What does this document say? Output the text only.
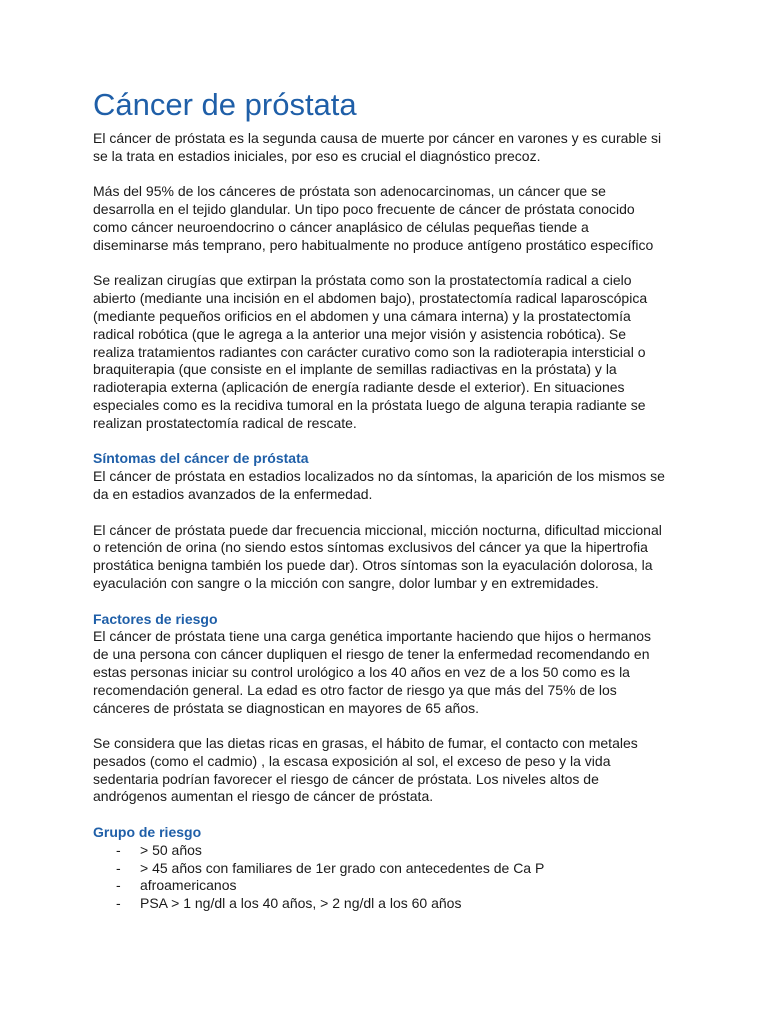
Cáncer de próstata

El cáncer de próstata es la segunda causa de muerte por cáncer en varones y es curable si
se la trata en estadios iniciales, por eso es crucial el diagnóstico precoz.

Más del 95% de los cánceres de próstata son adenocarcinomas, un cáncer que se
desarrolla en el tejido glandular. Un tipo poco frecuente de cáncer de próstata conocido
como cáncer neuroendocrino o cáncer anaplásico de células pequeñas tiende a
diseminarse más temprano, pero habitualmente no produce antígeno prostático específico

Se realizan cirugías que extirpan la próstata como son la prostatectomía radical a cielo
abierto (mediante una incisión en el abdomen bajo), prostatectomía radical laparoscópica
(mediante pequeños orificios en el abdomen y una cámara interna) y la prostatectomía
radical robótica (que le agrega a la anterior una mejor visión y asistencia robótica). Se
realiza tratamientos radiantes con carácter curativo como son la radioterapia intersticial o
braquiterapia (que consiste en el implante de semillas radiactivas en la próstata) y la
radioterapia externa (aplicación de energía radiante desde el exterior). En situaciones
especiales como es la recidiva tumoral en la próstata luego de alguna terapia radiante se
realizan prostatectomía radical de rescate.

Síntomas del cáncer de próstata

El cáncer de próstata en estadios localizados no da síntomas, la aparición de los mismos se
da en estadios avanzados de la enfermedad.

El cáncer de próstata puede dar frecuencia miccional, micción nocturna, dificultad miccional
o retención de orina (no siendo estos síntomas exclusivos del cáncer ya que la hipertrofia
prostática benigna también los puede dar). Otros síntomas son la eyaculación dolorosa, la
eyaculación con sangre o la micción con sangre, dolor lumbar y en extremidades.

Factores de riesgo

El cáncer de próstata tiene una carga genética importante haciendo que hijos o hermanos
de una persona con cáncer dupliquen el riesgo de tener la enfermedad recomendando en
estas personas iniciar su control urológico a los 40 años en vez de a los 50 como es la
recomendación general. La edad es otro factor de riesgo ya que más del 75% de los
cánceres de próstata se diagnostican en mayores de 65 años.

Se considera que las dietas ricas en grasas, el hábito de fumar, el contacto con metales
pesados (como el cadmio) , la escasa exposición al sol, el exceso de peso y la vida
sedentaria podrían favorecer el riesgo de cáncer de próstata. Los niveles altos de
andrógenos aumentan el riesgo de cáncer de próstata.

Grupo de riesgo
- > 50 años
- > 45 años con familiares de 1er grado con antecedentes de Ca P
- afroamericanos
- PSA > 1 ng/dl a los 40 años, > 2 ng/dl a los 60 años
